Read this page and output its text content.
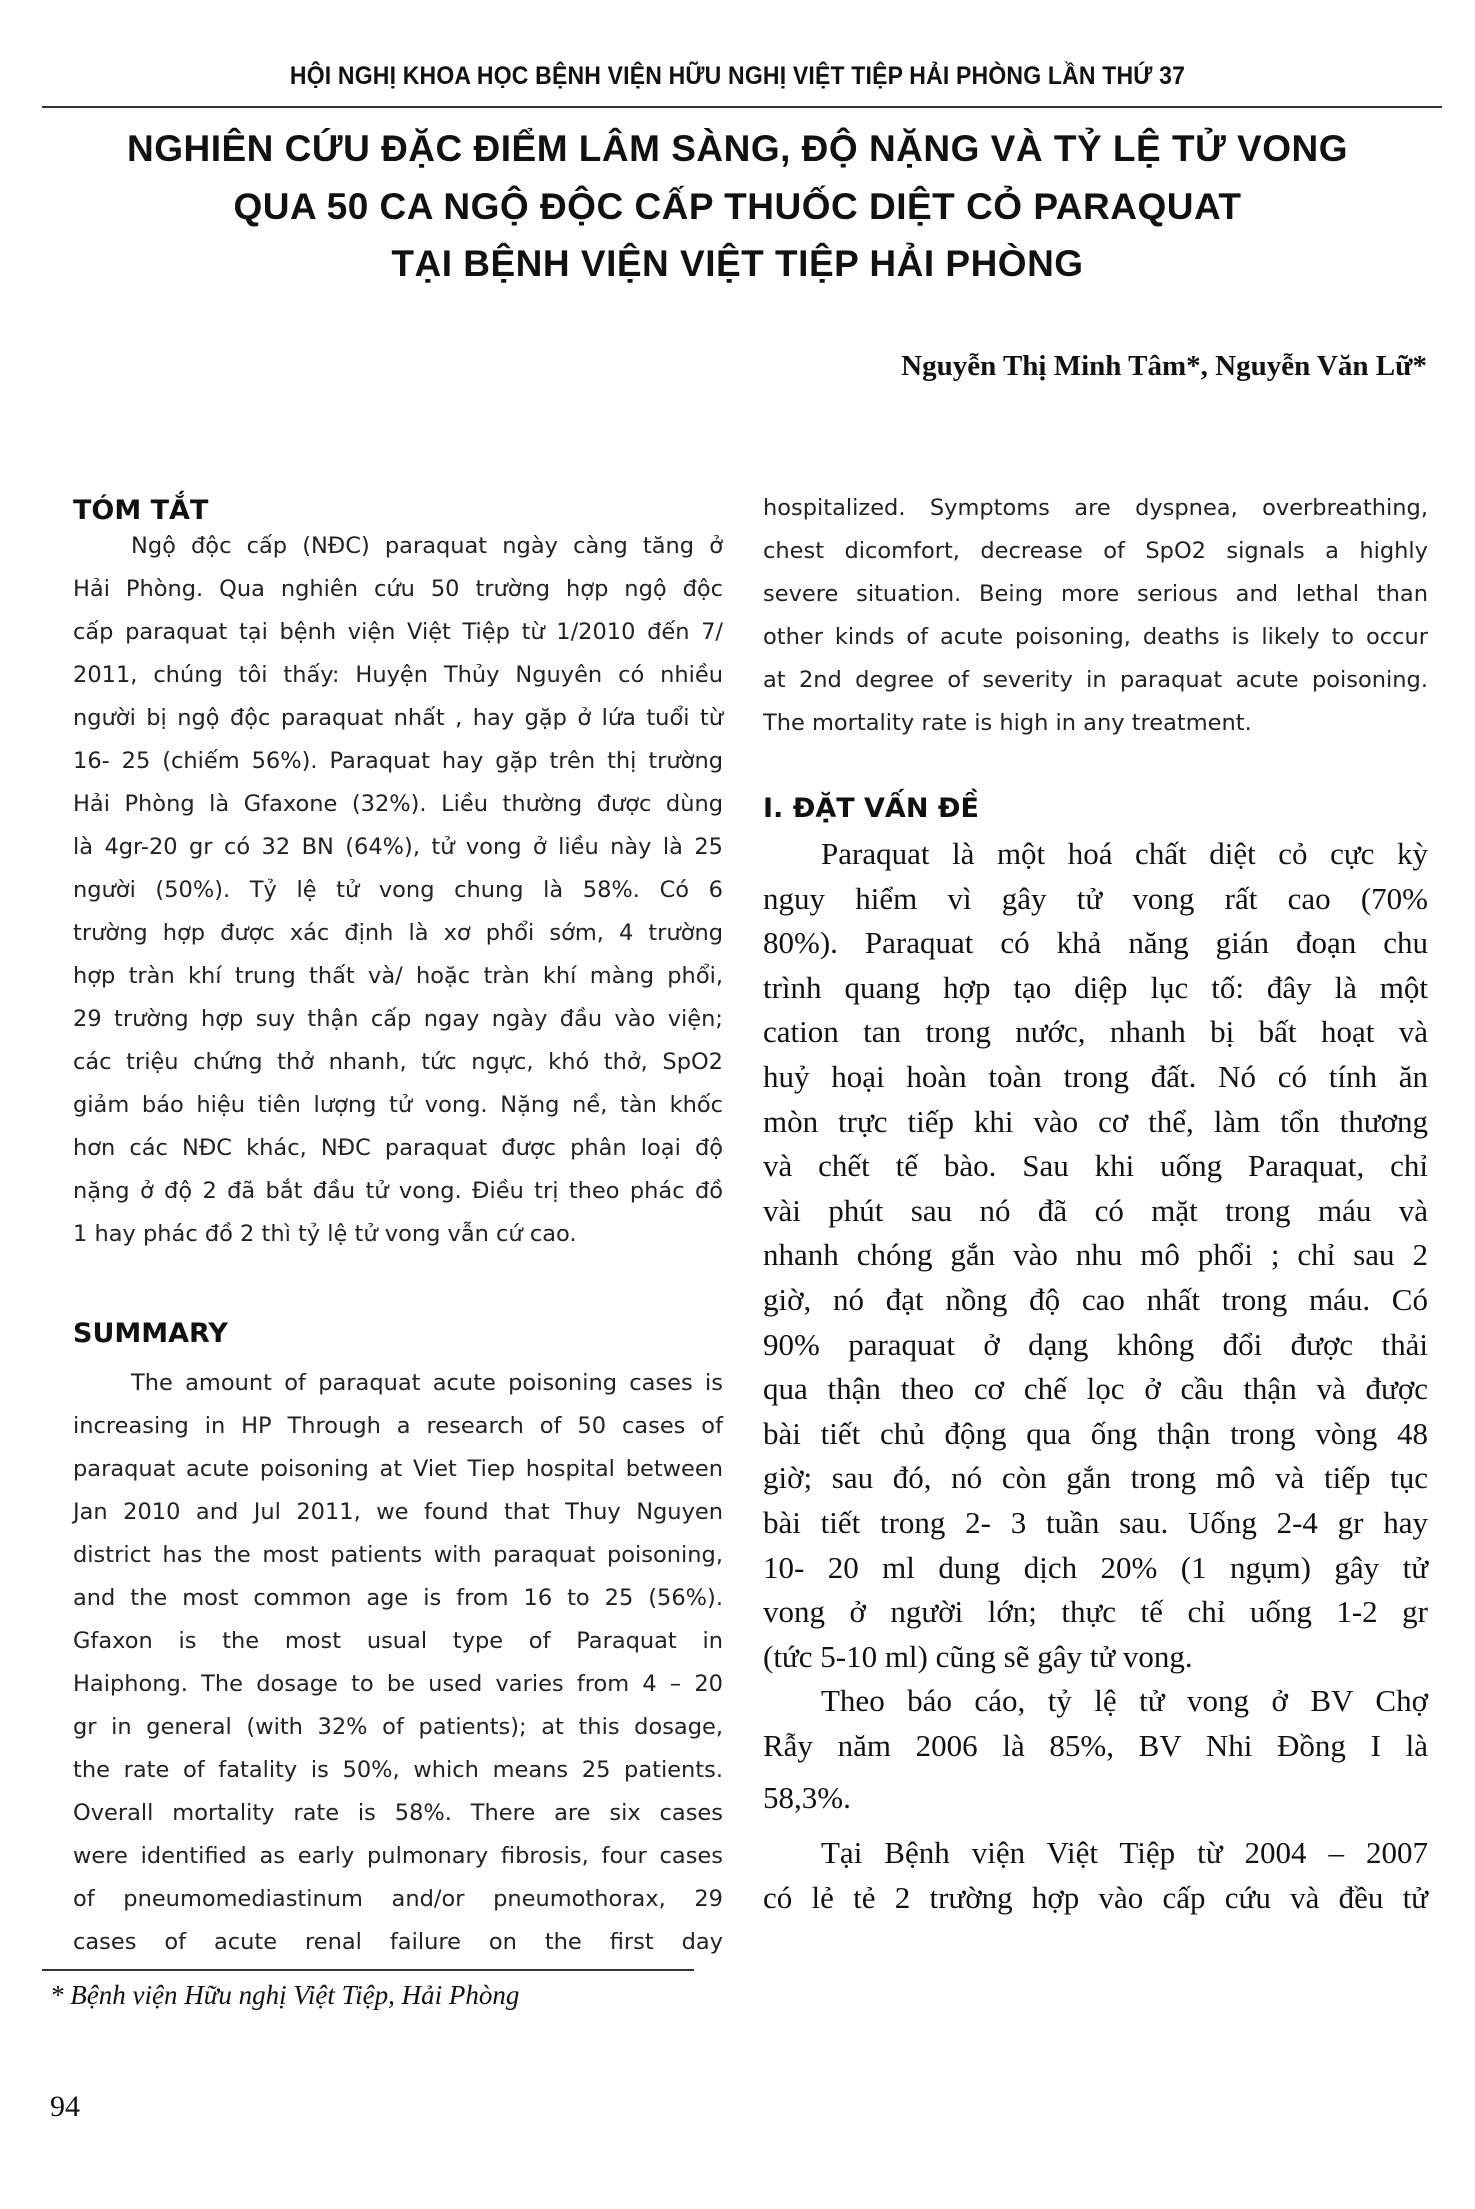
HỘI NGHỊ KHOA HỌC BỆNH VIỆN HỮU NGHỊ VIỆT TIỆP HẢI PHÒNG LẦN THỨ 37
NGHIÊN CỨU ĐẶC ĐIỂM LÂM SÀNG, ĐỘ NẶNG VÀ TỶ LỆ TỬ VONG
QUA 50 CA NGỘ ĐỘC CẤP THUỐC DIỆT CỎ PARAQUAT
TẠI BỆNH VIỆN VIỆT TIỆP HẢI PHÒNG
Nguyễn Thị Minh Tâm*, Nguyễn Văn Lữ*
TÓM TẮT
Ngộ độc cấp (NĐC) paraquat ngày càng tăng ở
Hải Phòng. Qua nghiên cứu 50 trường hợp ngộ độc
cấp paraquat tại bệnh viện Việt Tiệp từ 1/2010 đến 7/
2011, chúng tôi thấy: Huyện Thủy Nguyên có nhiều
người bị ngộ độc paraquat nhất , hay gặp ở lứa tuổi từ
16- 25 (chiếm 56%). Paraquat hay gặp trên thị trường
Hải Phòng là Gfaxone (32%). Liều thường được dùng
là 4gr-20 gr có 32 BN (64%), tử vong ở liều này là 25
người (50%). Tỷ lệ tử vong chung là 58%. Có 6
trường hợp được xác định là xơ phổi sớm, 4 trường
hợp tràn khí trung thất và/ hoặc tràn khí màng phổi,
29 trường hợp suy thận cấp ngay ngày đầu vào viện;
các triệu chứng thở nhanh, tức ngực, khó thở, SpO2
giảm báo hiệu tiên lượng tử vong. Nặng nề, tàn khốc
hơn các NĐC khác, NĐC paraquat được phân loại độ
nặng ở độ 2 đã bắt đầu tử vong. Điều trị theo phác đồ
1 hay phác đồ 2 thì tỷ lệ tử vong vẫn cứ cao.
SUMMARY
The amount of paraquat acute poisoning cases is
increasing in HP Through a research of 50 cases of
paraquat acute poisoning at Viet Tiep hospital between
Jan 2010 and Jul 2011, we found that Thuy Nguyen
district has the most patients with paraquat poisoning,
and the most common age is from 16 to 25 (56%).
Gfaxon is the most usual type of Paraquat in
Haiphong. The dosage to be used varies from 4 – 20
gr in general (with 32% of patients); at this dosage,
the rate of fatality is 50%, which means 25 patients.
Overall mortality rate is 58%. There are six cases
were identified as early pulmonary fibrosis, four cases
of pneumomediastinum and/or pneumothorax, 29
cases of acute renal failure on the first day
* Bệnh viện Hữu nghị Việt Tiệp, Hải Phòng
94
hospitalized. Symptoms are dyspnea, overbreathing,
chest dicomfort, decrease of SpO2 signals a highly
severe situation. Being more serious and lethal than
other kinds of acute poisoning, deaths is likely to occur
at 2nd degree of severity in paraquat acute poisoning.
The mortality rate is high in any treatment.
I. ĐẶT VẤN ĐỀ
Paraquat là một hoá chất diệt cỏ cực kỳ
nguy hiểm vì gây tử vong rất cao (70%
80%). Paraquat có khả năng gián đoạn chu
trình quang hợp tạo diệp lục tố: đây là một
cation tan trong nước, nhanh bị bất hoạt và
huỷ hoại hoàn toàn trong đất. Nó có tính ăn
mòn trực tiếp khi vào cơ thể, làm tổn thương
và chết tế bào. Sau khi uống Paraquat, chỉ
vài phút sau nó đã có mặt trong máu và
nhanh chóng gắn vào nhu mô phổi ; chỉ sau 2
giờ, nó đạt nồng độ cao nhất trong máu. Có
90% paraquat ở dạng không đổi được thải
qua thận theo cơ chế lọc ở cầu thận và được
bài tiết chủ động qua ống thận trong vòng 48
giờ; sau đó, nó còn gắn trong mô và tiếp tục
bài tiết trong 2- 3 tuần sau. Uống 2-4 gr hay
10- 20 ml dung dịch 20% (1 ngụm) gây tử
vong ở người lớn; thực tế chỉ uống 1-2 gr
(tức 5-10 ml) cũng sẽ gây tử vong.
Theo báo cáo, tỷ lệ tử vong ở BV Chợ
Rẫy năm 2006 là 85%, BV Nhi Đồng I là
58,3%.
Tại Bệnh viện Việt Tiệp từ 2004 – 2007
có lẻ tẻ 2 trường hợp vào cấp cứu và đều tử
